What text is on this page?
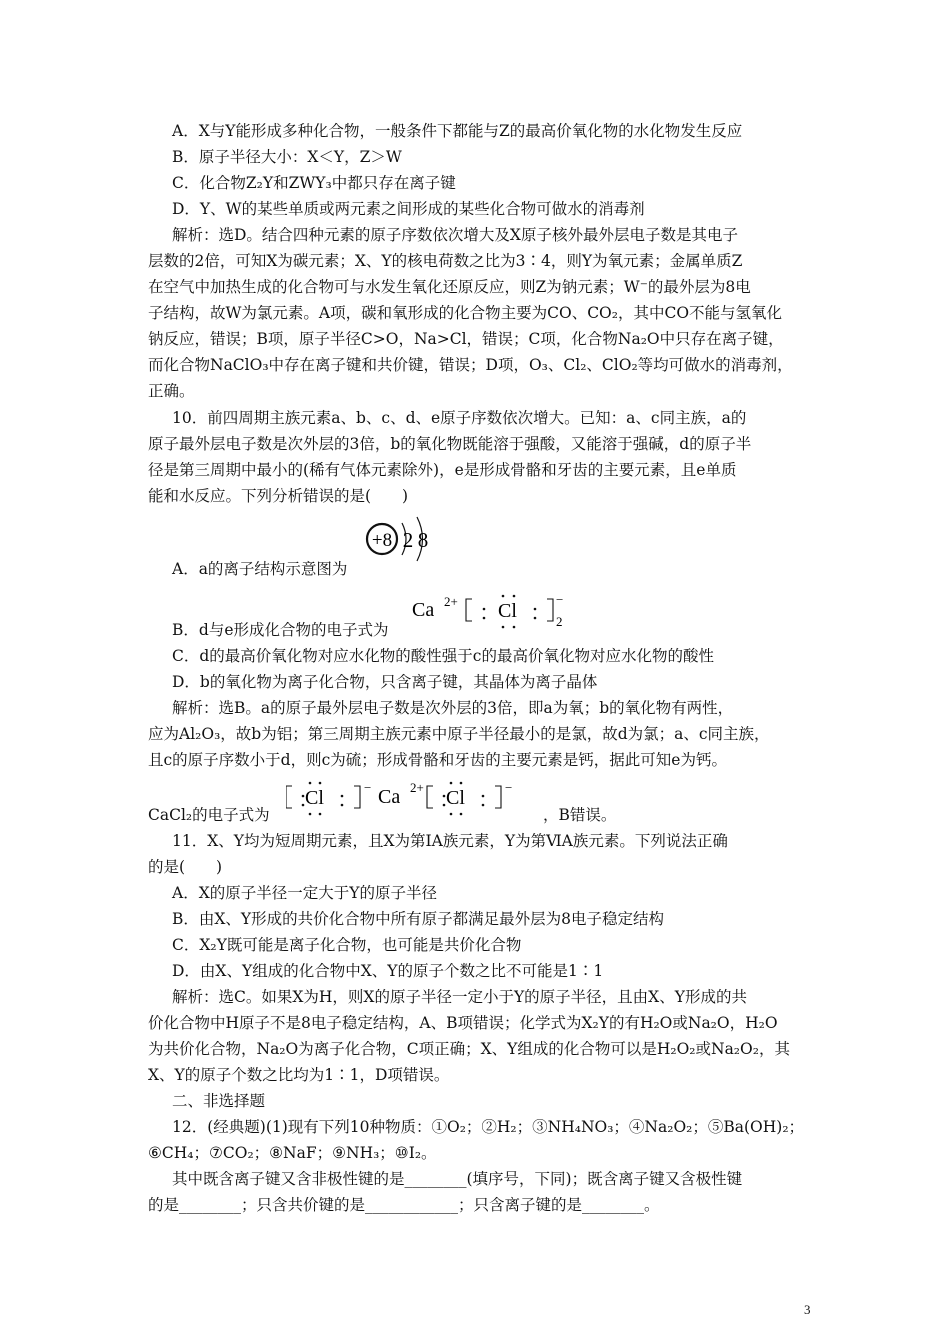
A．X与Y能形成多种化合物，一般条件下都能与Z的最高价氧化物的水化物发生反应
B．原子半径大小：X＜Y，Z＞W
C．化合物Z₂Y和ZWY₃中都只存在离子键
D．Y、W的某些单质或两元素之间形成的某些化合物可做水的消毒剂
解析：选D。结合四种元素的原子序数依次增大及X原子核外最外层电子数是其电子
层数的2倍，可知X为碳元素；X、Y的核电荷数之比为3∶4，则Y为氧元素；金属单质Z
在空气中加热生成的化合物可与水发生氧化还原反应，则Z为钠元素；W⁻的最外层为8电
子结构，故W为氯元素。A项，碳和氧形成的化合物主要为CO、CO₂，其中CO不能与氢氧化
钠反应，错误；B项，原子半径C>O，Na>Cl，错误；C项，化合物Na₂O中只存在离子键，
而化合物NaClO₃中存在离子键和共价键，错误；D项，O₃、Cl₂、ClO₂等均可做水的消毒剂，
正确。
10．前四周期主族元素a、b、c、d、e原子序数依次增大。已知：a、c同主族，a的
原子最外层电子数是次外层的3倍，b的氧化物既能溶于强酸，又能溶于强碱，d的原子半
径是第三周期中最小的(稀有气体元素除外)，e是形成骨骼和牙齿的主要元素，且e单质
能和水反应。下列分析错误的是(　　)
+8 2 8
A．a的离子结构示意图为
Ca 2+ Cl
−
2
B．d与e形成化合物的电子式为
C．d的最高价氧化物对应水化物的酸性强于c的最高价氧化物对应水化物的酸性
D．b的氧化物为离子化合物，只含离子键，其晶体为离子晶体
解析：选B。a的原子最外层电子数是次外层的3倍，即a为氧；b的氧化物有两性，
应为Al₂O₃，故b为铝；第三周期主族元素中原子半径最小的是氯，故d为氯；a、c同主族，
且c的原子序数小于d，则c为硫；形成骨骼和牙齿的主要元素是钙，据此可知e为钙。
Cl	− Ca 2+ Cl	−
CaCl₂的电子式为	，B错误。
11．X、Y均为短周期元素，且X为第ⅠA族元素，Y为第ⅥA族元素。下列说法正确
的是(　　)
A．X的原子半径一定大于Y的原子半径
B．由X、Y形成的共价化合物中所有原子都满足最外层为8电子稳定结构
C．X₂Y既可能是离子化合物，也可能是共价化合物
D．由X、Y组成的化合物中X、Y的原子个数之比不可能是1∶1
解析：选C。如果X为H，则X的原子半径一定小于Y的原子半径，且由X、Y形成的共
价化合物中H原子不是8电子稳定结构，A、B项错误；化学式为X₂Y的有H₂O或Na₂O，H₂O
为共价化合物，Na₂O为离子化合物，C项正确；X、Y组成的化合物可以是H₂O₂或Na₂O₂，其
X、Y的原子个数之比均为1∶1，D项错误。
二、非选择题
12．(经典题)(1)现有下列10种物质：①O₂；②H₂；③NH₄NO₃；④Na₂O₂；⑤Ba(OH)₂；
⑥CH₄；⑦CO₂；⑧NaF；⑨NH₃；⑩I₂。
其中既含离子键又含非极性键的是________(填序号，下同)；既含离子键又含极性键
的是________；只含共价键的是____________；只含离子键的是________。
3
